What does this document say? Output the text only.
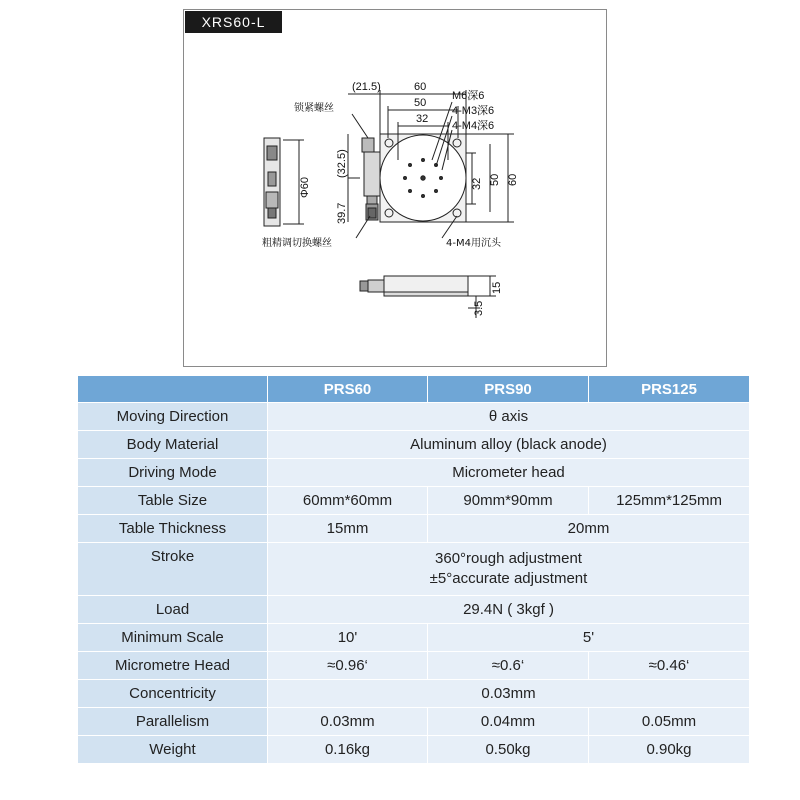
XRS60-L
(21.5)	60
50
32
(32.5)
39.7
Φ60	32 50 60
15
3.5
M6深6
4-M3深6
4-M4深6
锁紧螺丝
粗精调切换螺丝	4-M4用沉头
	PRS60	PRS90	PRS125
Moving Direction	θ axis		
Body Material	Aluminum alloy (black anode)		
Driving Mode	Micrometer head		
Table Size	60mm*60mm	90mm*90mm	125mm*125mm
Table Thickness	15mm	20mm	
Stroke	360°rough adjustment
±5°accurate adjustment		

Load	29.4N ( 3kgf )		
Minimum Scale	10'	5'	
Micrometre Head	≈0.96‘	≈0.6‘	≈0.46‘
Concentricity	0.03mm		
Parallelism	0.03mm	0.04mm	0.05mm
Weight	0.16kg	0.50kg	0.90kg
